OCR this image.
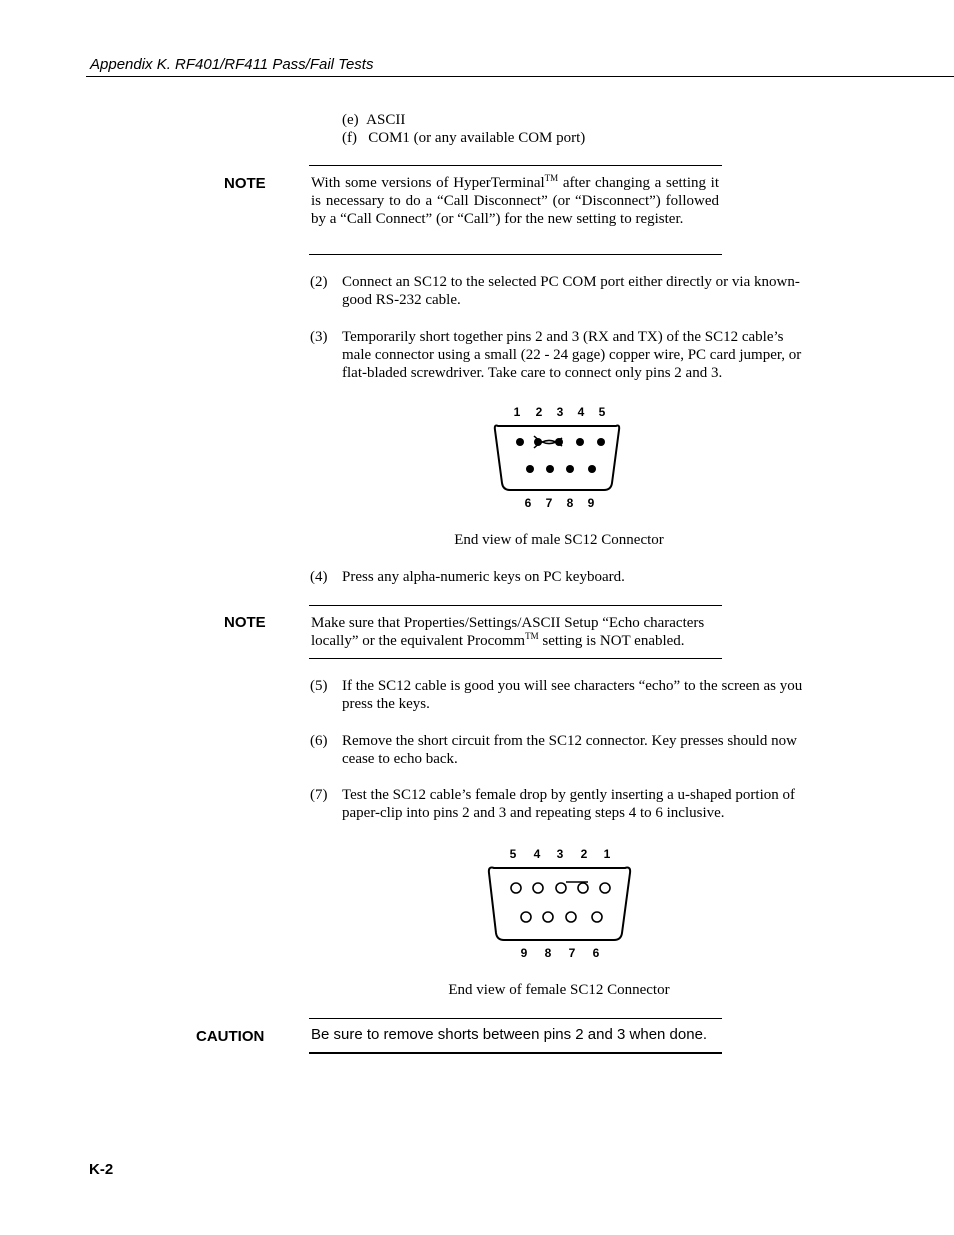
Appendix K. RF401/RF411 Pass/Fail Tests
(e) ASCII
(f) COM1 (or any available COM port)
NOTE	With some versions of HyperTerminal™ after changing a setting it is necessary to do a “Call Disconnect” (or “Disconnect”) followed by a “Call Connect” (or “Call”) for the new setting to register.
(2) Connect an SC12 to the selected PC COM port either directly or via known-good RS-232 cable.
(3) Temporarily short together pins 2 and 3 (RX and TX) of the SC12 cable’s male connector using a small (22 - 24 gage) copper wire, PC card jumper, or flat-bladed screwdriver. Take care to connect only pins 2 and 3.
1 2 3 4 5
6 7 8 9
End view of male SC12 Connector
(4) Press any alpha-numeric keys on PC keyboard.
NOTE	Make sure that Properties/Settings/ASCII Setup “Echo characters locally” or the equivalent Procomm™ setting is NOT enabled.
(5) If the SC12 cable is good you will see characters “echo” to the screen as you press the keys.
(6) Remove the short circuit from the SC12 connector. Key presses should now cease to echo back.
(7) Test the SC12 cable’s female drop by gently inserting a u-shaped portion of paper-clip into pins 2 and 3 and repeating steps 4 to 6 inclusive.
5 4 3 2 1
9 8 7 6
End view of female SC12 Connector
CAUTION	Be sure to remove shorts between pins 2 and 3 when done.
K-2
